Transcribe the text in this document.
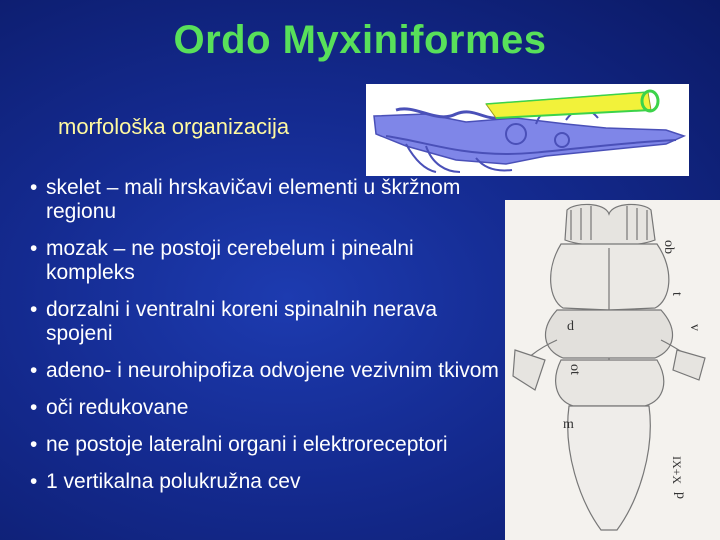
Ordo Myxiniformes
morfološka organizacija
ob
t
d
ot
m
v
IX+X
p
• skelet – mali hrskavičavi elementi u škržnom regionu
• mozak – ne postoji cerebelum i pinealni kompleks
• dorzalni i ventralni koreni spinalnih nerava spojeni
• adeno- i neurohipofiza odvojene vezivnim tkivom
• oči redukovane
• ne postoje lateralni organi i elektroreceptori
• 1 vertikalna polukružna cev
